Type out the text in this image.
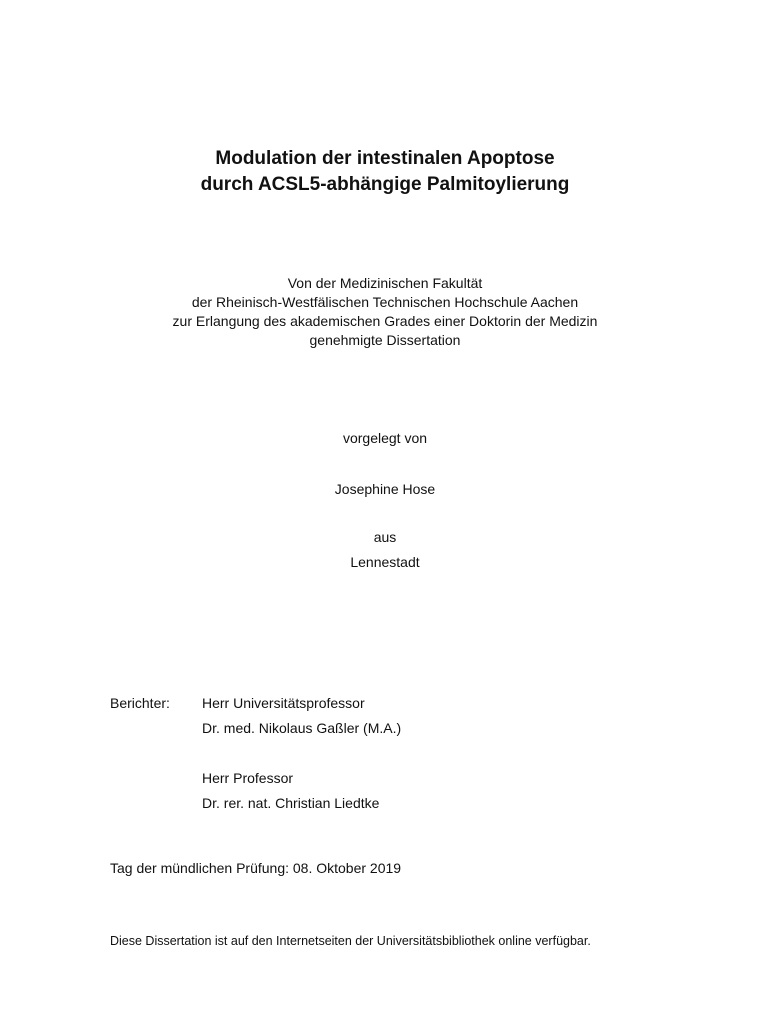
Modulation der intestinalen Apoptose
durch ACSL5-abhängige Palmitoylierung
Von der Medizinischen Fakultät
der Rheinisch-Westfälischen Technischen Hochschule Aachen
zur Erlangung des akademischen Grades einer Doktorin der Medizin
genehmigte Dissertation
vorgelegt von
Josephine Hose
aus
Lennestadt
Berichter: Herr Universitätsprofessor
Dr. med. Nikolaus Gaßler (M.A.)
Herr Professor
Dr. rer. nat. Christian Liedtke
Tag der mündlichen Prüfung: 08. Oktober 2019
Diese Dissertation ist auf den Internetseiten der Universitätsbibliothek online verfügbar.
